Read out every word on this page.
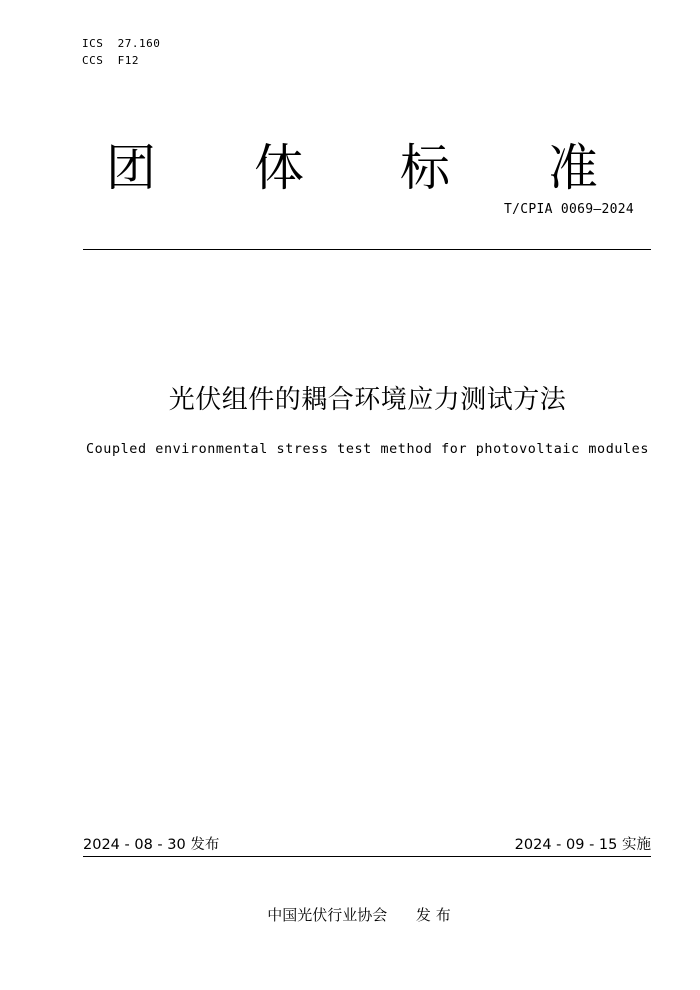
ICS  27.160
CCS  F12
团 体 标 准
T/CPIA 0069—2024
光伏组件的耦合环境应力测试方法
Coupled environmental stress test method for photovoltaic modules
2024 - 08 - 30 发布	2024 - 09 - 15 实施
中国光伏行业协会 发 布
